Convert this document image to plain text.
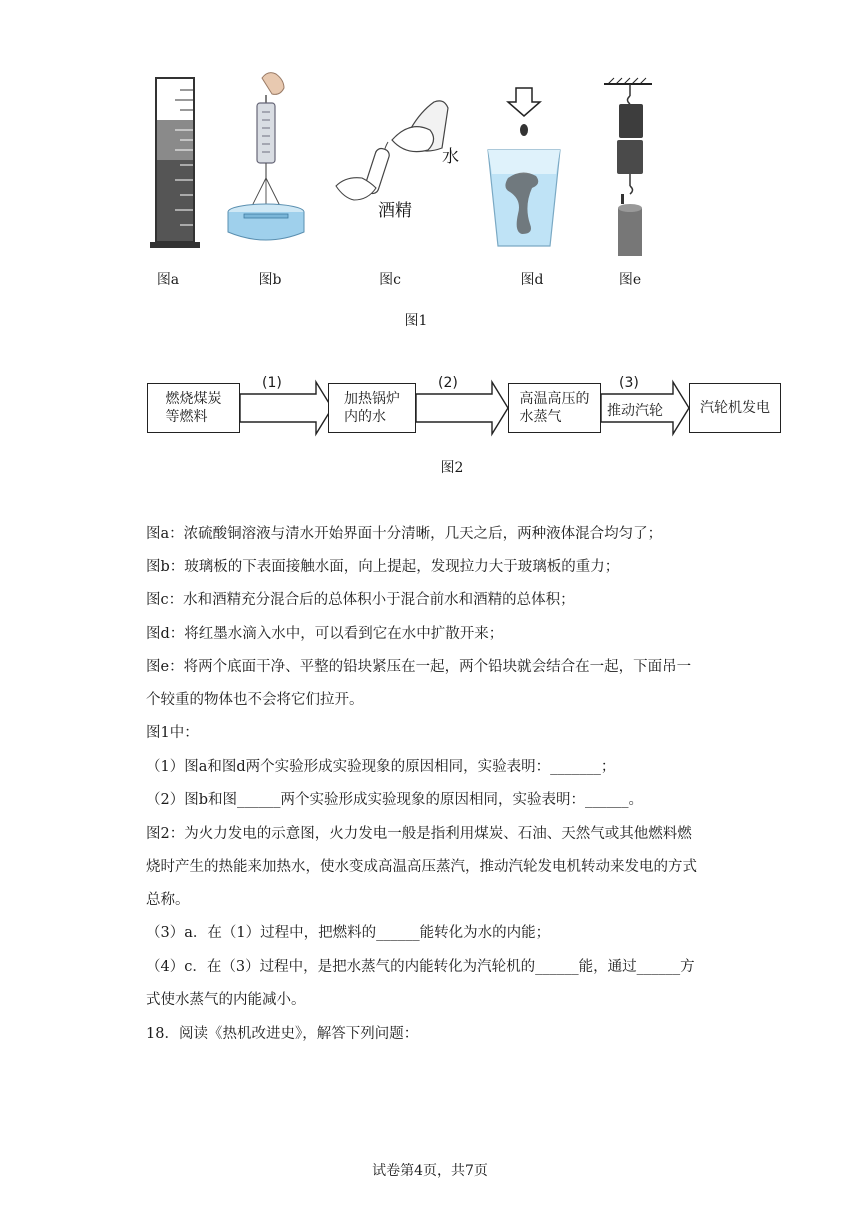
水
酒精
图a	图b	图c	图d	图e
图1
燃烧煤炭
等燃料
加热锅炉
内的水
高温高压的
水蒸气
汽轮机发电
(1)	(2)	(3)
推动汽轮
图2
图a：浓硫酸铜溶液与清水开始界面十分清晰，几天之后，两种液体混合均匀了；
图b：玻璃板的下表面接触水面，向上提起，发现拉力大于玻璃板的重力；
图c：水和酒精充分混合后的总体积小于混合前水和酒精的总体积；
图d：将红墨水滴入水中，可以看到它在水中扩散开来；
图e：将两个底面干净、平整的铅块紧压在一起，两个铅块就会结合在一起，下面吊一
个较重的物体也不会将它们拉开。
图1中：
（1）图a和图d两个实验形成实验现象的原因相同，实验表明：_______；
（2）图b和图______两个实验形成实验现象的原因相同，实验表明：______。
图2：为火力发电的示意图，火力发电一般是指利用煤炭、石油、天然气或其他燃料燃
烧时产生的热能来加热水，使水变成高温高压蒸汽，推动汽轮发电机转动来发电的方式
总称。
（3）a．在（1）过程中，把燃料的______能转化为水的内能；
（4）c．在（3）过程中，是把水蒸气的内能转化为汽轮机的______能，通过______方
式使水蒸气的内能减小。
18．阅读《热机改进史》，解答下列问题：
试卷第4页，共7页
